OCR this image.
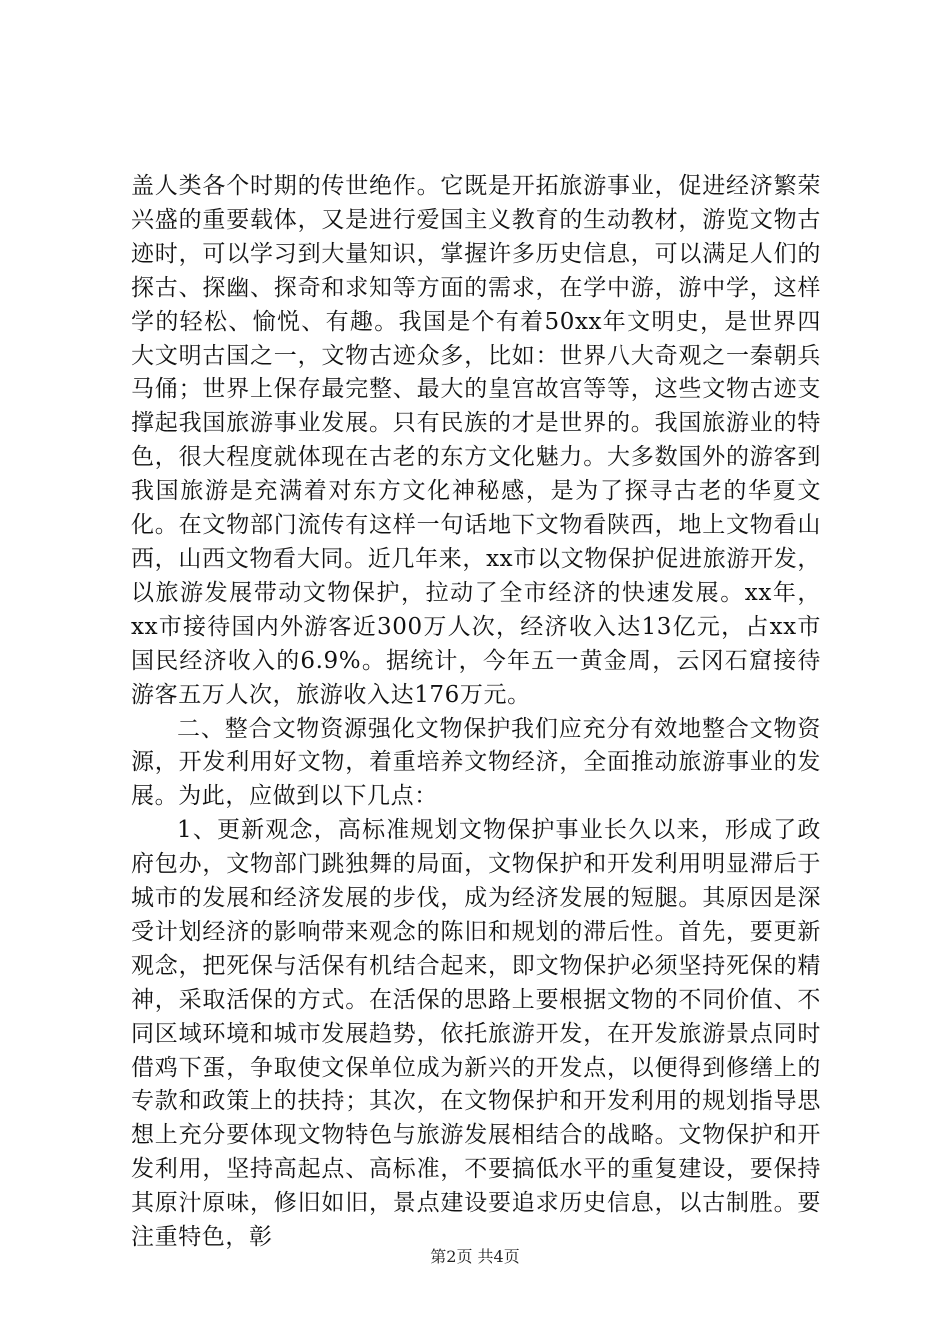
盖人类各个时期的传世绝作。它既是开拓旅游事业，促进经济繁荣兴盛的重要载体，又是进行爱国主义教育的生动教材，游览文物古迹时，可以学习到大量知识，掌握许多历史信息，可以满足人们的探古、探幽、探奇和求知等方面的需求，在学中游，游中学，这样学的轻松、愉悦、有趣。我国是个有着50xx年文明史，是世界四大文明古国之一，文物古迹众多，比如：世界八大奇观之一秦朝兵马俑；世界上保存最完整、最大的皇宫故宫等等，这些文物古迹支撑起我国旅游事业发展。只有民族的才是世界的。我国旅游业的特色，很大程度就体现在古老的东方文化魅力。大多数国外的游客到我国旅游是充满着对东方文化神秘感，是为了探寻古老的华夏文化。在文物部门流传有这样一句话地下文物看陕西，地上文物看山西，山西文物看大同。近几年来，xx市以文物保护促进旅游开发，以旅游发展带动文物保护，拉动了全市经济的快速发展。xx年，xx市接待国内外游客近300万人次，经济收入达13亿元，占xx市国民经济收入的6.9%。据统计，今年五一黄金周，云冈石窟接待游客五万人次，旅游收入达176万元。

二、整合文物资源强化文物保护我们应充分有效地整合文物资源，开发利用好文物，着重培养文物经济，全面推动旅游事业的发展。为此，应做到以下几点：

1、更新观念，高标准规划文物保护事业长久以来，形成了政府包办，文物部门跳独舞的局面，文物保护和开发利用明显滞后于城市的发展和经济发展的步伐，成为经济发展的短腿。其原因是深受计划经济的影响带来观念的陈旧和规划的滞后性。首先，要更新观念，把死保与活保有机结合起来，即文物保护必须坚持死保的精神，采取活保的方式。在活保的思路上要根据文物的不同价值、不同区域环境和城市发展趋势，依托旅游开发，在开发旅游景点同时借鸡下蛋，争取使文保单位成为新兴的开发点，以便得到修缮上的专款和政策上的扶持；其次，在文物保护和开发利用的规划指导思想上充分要体现文物特色与旅游发展相结合的战略。文物保护和开发利用，坚持高起点、高标准，不要搞低水平的重复建设，要保持其原汁原味，修旧如旧，景点建设要追求历史信息，以古制胜。要注重特色，彰

第2页 共4页
